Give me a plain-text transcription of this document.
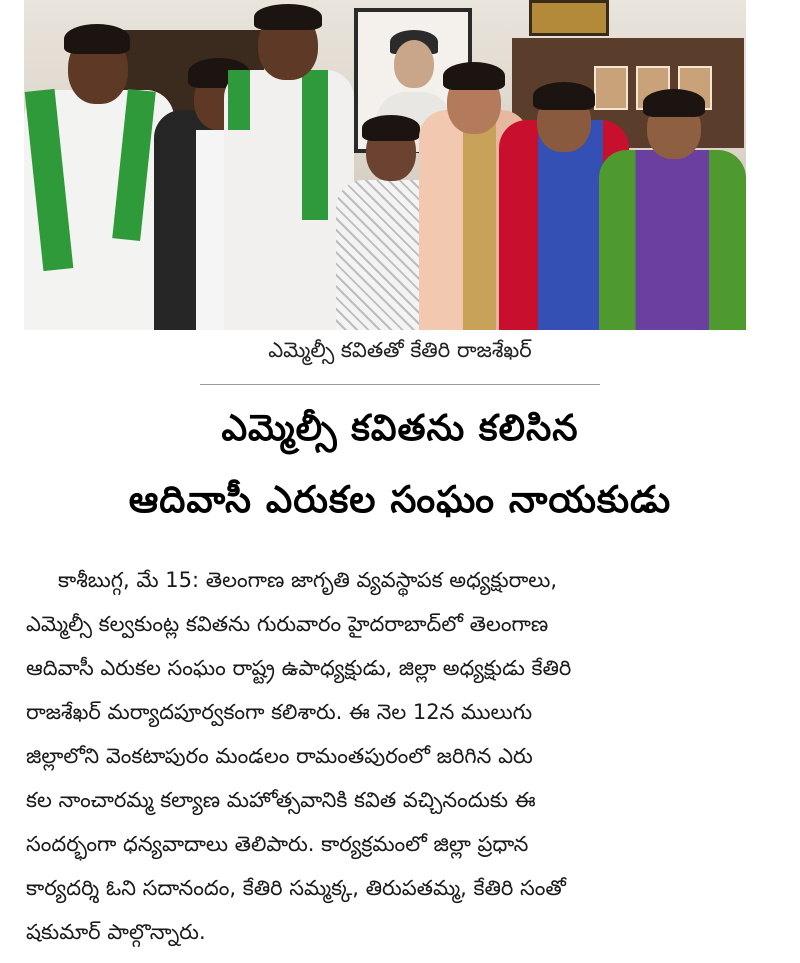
ఎమ్మెల్సీ కవితతో కేతిరి రాజశేఖర్
ఎమ్మెల్సీ కవితను కలిసిన
ఆదివాసీ ఎరుకల సంఘం నాయకుడు
కాశీబుగ్గ, మే 15: తెలంగాణ జాగృతి వ్యవస్థాపక అధ్యక్షురాలు,
ఎమ్మెల్సీ కల్వకుంట్ల కవితను గురువారం హైదరాబాద్‌లో తెలంగాణ
ఆదివాసీ ఎరుకల సంఘం రాష్ట్ర ఉపాధ్యక్షుడు, జిల్లా అధ్యక్షుడు కేతిరి
రాజశేఖర్ మర్యాదపూర్వకంగా కలిశారు. ఈ నెల 12న ములుగు
జిల్లాలోని వెంకటాపురం మండలం రామంతపురంలో జరిగిన ఎరు
కల నాంచారమ్మ కల్యాణ మహోత్సవానికి కవిత వచ్చినందుకు ఈ
సందర్భంగా ధన్యవాదాలు తెలిపారు. కార్యక్రమంలో జిల్లా ప్రధాన
కార్యదర్శి ఓని సదానందం, కేతిరి సమ్మక్క, తిరుపతమ్మ, కేతిరి సంతో
షకుమార్ పాల్గొన్నారు.
